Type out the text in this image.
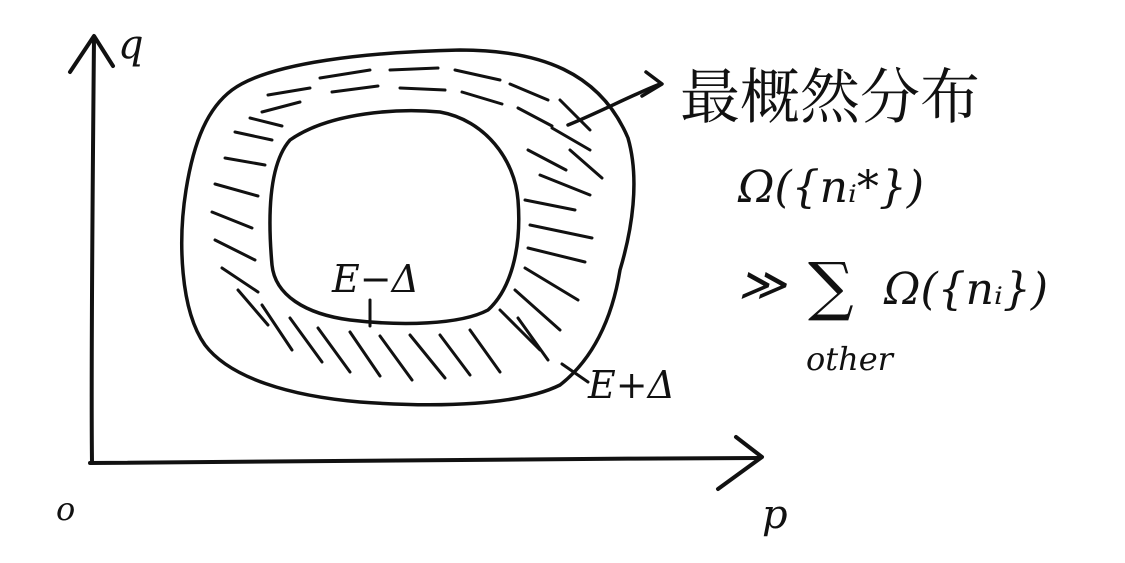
q
o	p
E−Δ
E+Δ
最概然分布
Ω({nᵢ*})
≫ ∑ Ω({nᵢ})
other
